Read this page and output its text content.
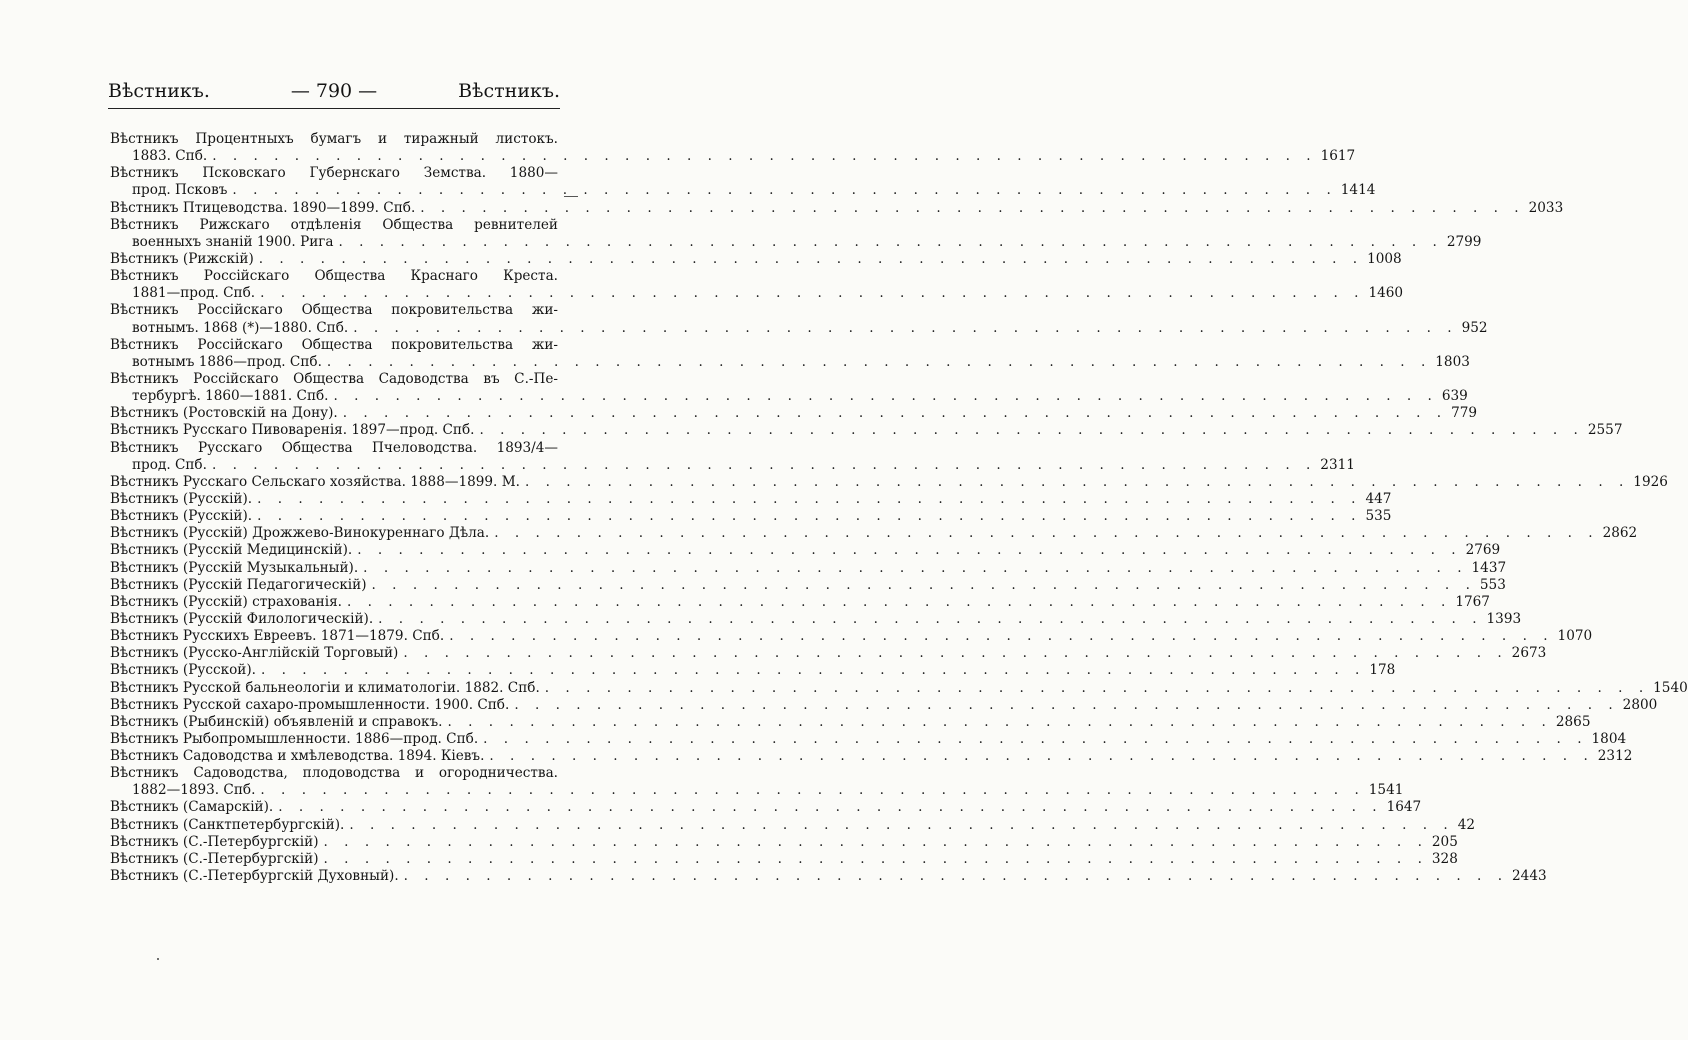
Вѣстникъ.	— 790 —	Вѣстникъ.
Вѣстникъ Процентныхъ бумагъ и тиражный листокъ.
1883. Спб. . . .	1617
Вѣстникъ Псковскаго Губернскаго Земства. 1880—
прод. Псковъ . . .	1414
Вѣстникъ Птицеводства. 1890—1899. Спб. . . .	2033
Вѣстникъ Рижскаго отдѣленія Общества ревнителей
военныхъ знаній 1900. Рига . . .	2799
Вѣстникъ (Рижскій) . . .	1008
Вѣстникъ Россійскаго Общества Краснаго Креста.
1881—прод. Спб. . . .	1460
Вѣстникъ Россійскаго Общества покровительства жи-
вотнымъ. 1868 (*)—1880. Спб. . . .	952
Вѣстникъ Россійскаго Общества покровительства жи-
вотнымъ 1886—прод. Спб. . . .	1803
Вѣстникъ Россійскаго Общества Садоводства въ С.-Пе-
тербургѣ. 1860—1881. Спб. . . .	639
Вѣстникъ (Ростовскій на Дону). . . .	779
Вѣстникъ Русскаго Пивоваренія. 1897—прод. Спб. . . .	2557
Вѣстникъ Русскаго Общества Пчеловодства. 1893/4—
прод. Спб. . . .	2311
Вѣстникъ Русскаго Сельскаго хозяйства. 1888—1899. М. . . .	1926
Вѣстникъ (Русскій). . . .	447
Вѣстникъ (Русскій). . . .	535
Вѣстникъ (Русскій) Дрожжево-Винокуреннаго Дѣла. . . .	2862
Вѣстникъ (Русскій Медицинскій). . . .	2769
Вѣстникъ (Русскій Музыкальный). . . .	1437
Вѣстникъ (Русскій Педагогическій) . . .	553
Вѣстникъ (Русскій) страхованія. . . .	1767
Вѣстникъ (Русскій Филологическій). . . .	1393
Вѣстникъ Русскихъ Евреевъ. 1871—1879. Спб. . . .	1070
Вѣстникъ (Русско-Англійскій Торговый) . . .	2673
Вѣстникъ (Русской). . . .	178
Вѣстникъ Русской бальнеологіи и климатологіи. 1882. Спб. . . .	1540
Вѣстникъ Русской сахаро-промышленности. 1900. Спб. . . .	2800
Вѣстникъ (Рыбинскій) объявленій и справокъ. . . .	2865
Вѣстникъ Рыбопромышленности. 1886—прод. Спб. . . .	1804
Вѣстникъ Садоводства и хмѣлеводства. 1894. Кіевъ. . . .	2312
Вѣстникъ Садоводства, плодоводства и огородничества.
1882—1893. Спб. . . .	1541
Вѣстникъ (Самарскій). . . .	1647
Вѣстникъ (Санктпетербургскій). . . .	42
Вѣстникъ (С.-Петербургскій) . . .	205
Вѣстникъ (С.-Петербургскій) . . .	328
Вѣстникъ (С.-Петербургскій Духовный). . . .	2443
